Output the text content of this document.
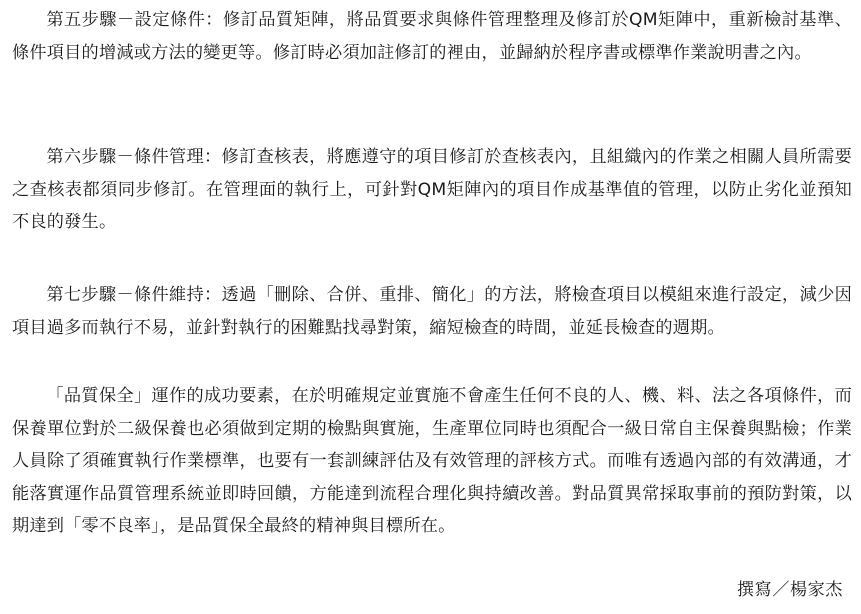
第五步驟－設定條件：修訂品質矩陣，將品質要求與條件管理整理及修訂於QM矩陣中，重新檢討基準、條件項目的增減或方法的變更等。修訂時必須加註修訂的裡由，並歸納於程序書或標準作業說明書之內。

第六步驟－條件管理：修訂查核表，將應遵守的項目修訂於查核表內，且組織內的作業之相關人員所需要之查核表都須同步修訂。在管理面的執行上，可針對QM矩陣內的項目作成基準值的管理，以防止劣化並預知不良的發生。

第七步驟－條件維持：透過「刪除、合併、重排、簡化」的方法，將檢查項目以模組來進行設定，減少因項目過多而執行不易，並針對執行的困難點找尋對策，縮短檢查的時間，並延長檢查的週期。

「品質保全」運作的成功要素，在於明確規定並實施不會產生任何不良的人、機、料、法之各項條件，而保養單位對於二級保養也必須做到定期的檢點與實施，生產單位同時也須配合一級日常自主保養與點檢；作業人員除了須確實執行作業標準，也要有一套訓練評估及有效管理的評核方式。而唯有透過內部的有效溝通，才能落實運作品質管理系統並即時回饋，方能達到流程合理化與持續改善。對品質異常採取事前的預防對策，以期達到「零不良率」，是品質保全最終的精神與目標所在。

撰寫／楊家杰
